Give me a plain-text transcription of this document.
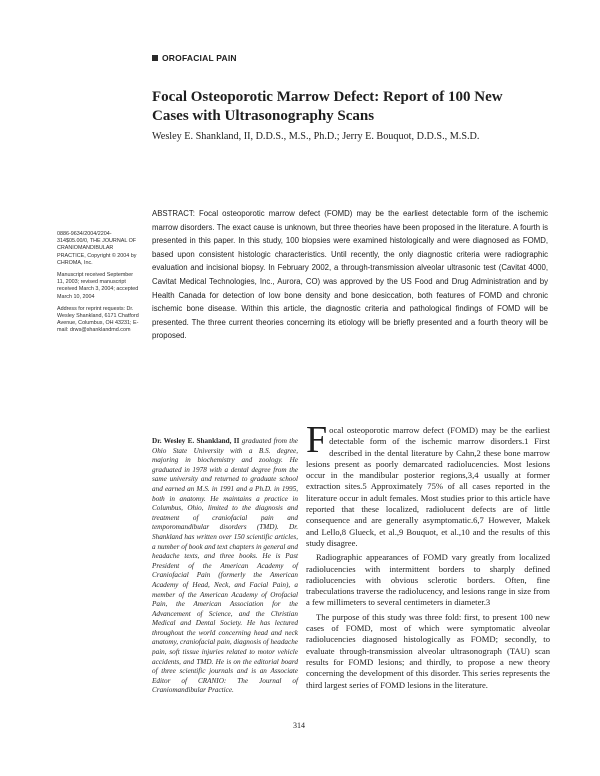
OROFACIAL PAIN
Focal Osteoporotic Marrow Defect: Report of 100 New Cases with Ultrasonography Scans
Wesley E. Shankland, II, D.D.S., M.S., Ph.D.; Jerry E. Bouquot, D.D.S., M.S.D.

ABSTRACT: Focal osteoporotic marrow defect (FOMD) may be the earliest detectable form of the ischemic marrow disorders. The exact cause is unknown, but three theories have been proposed in the literature. A fourth is presented in this paper. In this study, 100 biopsies were examined histologically and were diagnosed as FOMD, based upon consistent histologic characteristics. Until recently, the only diagnostic criteria were radiographic evaluation and incisional biopsy. In February 2002, a through-transmission alveolar ultrasonic test (Cavitat 4000, Cavitat Medical Technologies, Inc., Aurora, CO) was approved by the US Food and Drug Administration and by Health Canada for detection of low bone density and bone desiccation, both features of FOMD and chronic ischemic bone disease. Within this article, the diagnostic criteria and pathological findings of FOMD will be presented. The three current theories concerning its etiology will be briefly presented and a fourth theory will be proposed.

0886-9634/2004/2204-314$05.00/0, THE JOURNAL OF CRANIOMANDIBULAR PRACTICE, Copyright © 2004 by CHROMA, Inc.

Manuscript received September 11, 2003; revised manuscript received March 3, 2004; accepted March 10, 2004

Address for reprint requests: Dr. Wesley Shankland, 6171 Chatford Avenue, Columbus, OH 43231; E-mail: drws@shanklandmd.com

Dr. Wesley E. Shankland, II graduated from the Ohio State University with a B.S. degree, majoring in biochemistry and zoology. He graduated in 1978 with a dental degree from the same university and returned to graduate school and earned an M.S. in 1991 and a Ph.D. in 1995, both in anatomy. He maintains a practice in Columbus, Ohio, limited to the diagnosis and treatment of craniofacial pain and temporomandibular disorders (TMD). Dr. Shankland has written over 150 scientific articles, a number of book and text chapters in general and headache texts, and three books. He is Past President of the American Academy of Craniofacial Pain (formerly the American Academy of Head, Neck, and Facial Pain), a member of the American Academy of Orofacial Pain, the American Association for the Advancement of Science, and the Christian Medical and Dental Society. He has lectured throughout the world concerning head and neck anatomy, craniofacial pain, diagnosis of headache pain, soft tissue injuries related to motor vehicle accidents, and TMD. He is on the editorial board of three scientific journals and is an Associate Editor of CRANIO: The Journal of Craniomandibular Practice.

Focal osteoporotic marrow defect (FOMD) may be the earliest detectable form of the ischemic marrow disorders.1 First described in the dental literature by Cahn,2 these bone marrow lesions present as poorly demarcated radiolucencies. Most lesions occur in the mandibular posterior regions,3,4 usually at former extraction sites.5 Approximately 75% of all cases reported in the literature occur in adult females. Most studies prior to this article have reported that these localized, radiolucent defects are of little consequence and are generally asymptomatic.6,7 However, Makek and Lello,8 Glueck, et al.,9 Bouquot, et al.,10 and the results of this study disagree.

Radiographic appearances of FOMD vary greatly from localized radiolucencies with intermittent borders to sharply defined radiolucencies with obvious sclerotic borders. Often, fine trabeculations traverse the radiolucency, and lesions range in size from a few millimeters to several centimeters in diameter.3

The purpose of this study was three fold: first, to present 100 new cases of FOMD, most of which were symptomatic alveolar radiolucencies diagnosed histologically as FOMD; secondly, to evaluate through-transmission alveolar ultrasonograph (TAU) scan results for FOMD lesions; and thirdly, to propose a new theory concerning the development of this disorder. This series represents the third largest series of FOMD lesions in the literature.

314
